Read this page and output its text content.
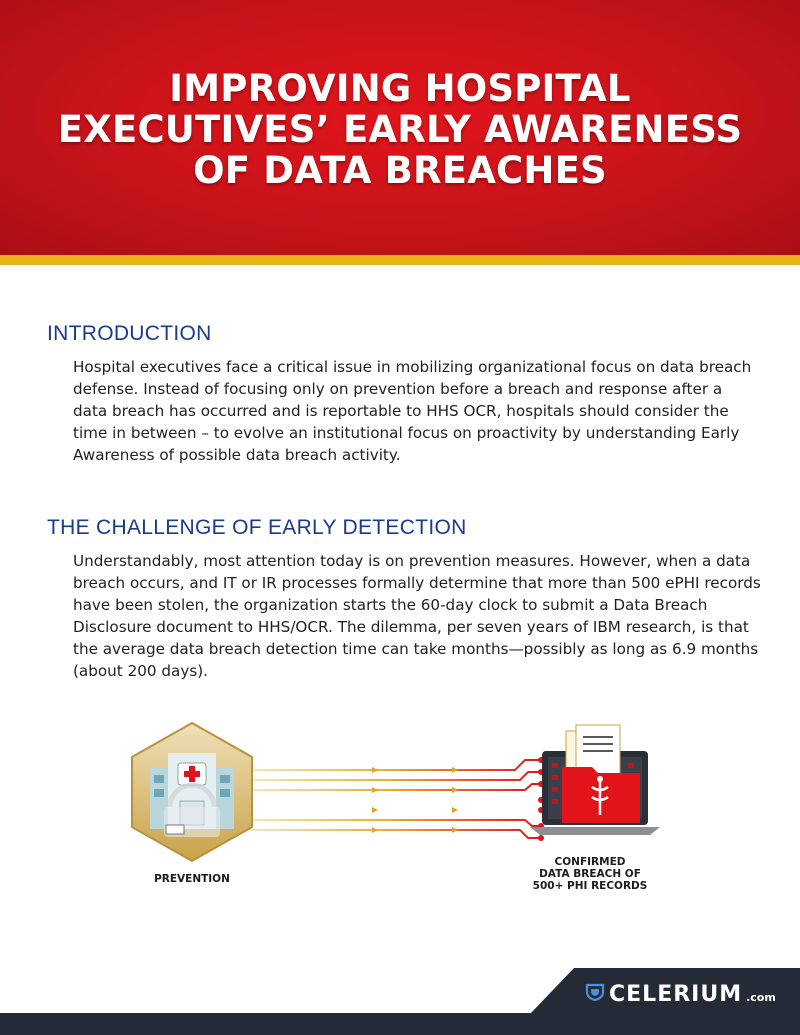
IMPROVING HOSPITAL
EXECUTIVES’ EARLY AWARENESS
OF DATA BREACHES
INTRODUCTION
Hospital executives face a critical issue in mobilizing organizational focus on data breach
defense. Instead of focusing only on prevention before a breach and response after a
data breach has occurred and is reportable to HHS OCR, hospitals should consider the
time in between – to evolve an institutional focus on proactivity by understanding Early
Awareness of possible data breach activity.
THE CHALLENGE OF EARLY DETECTION
Understandably, most attention today is on prevention measures. However, when a data
breach occurs, and IT or IR processes formally determine that more than 500 ePHI records
have been stolen, the organization starts the 60-day clock to submit a Data Breach
Disclosure document to HHS/OCR. The dilemma, per seven years of IBM research, is that
the average data breach detection time can take months—possibly as long as 6.9 months
(about 200 days).
PREVENTION
CONFIRMED
DATA BREACH OF
500+ PHI RECORDS
CELERIUM .com
